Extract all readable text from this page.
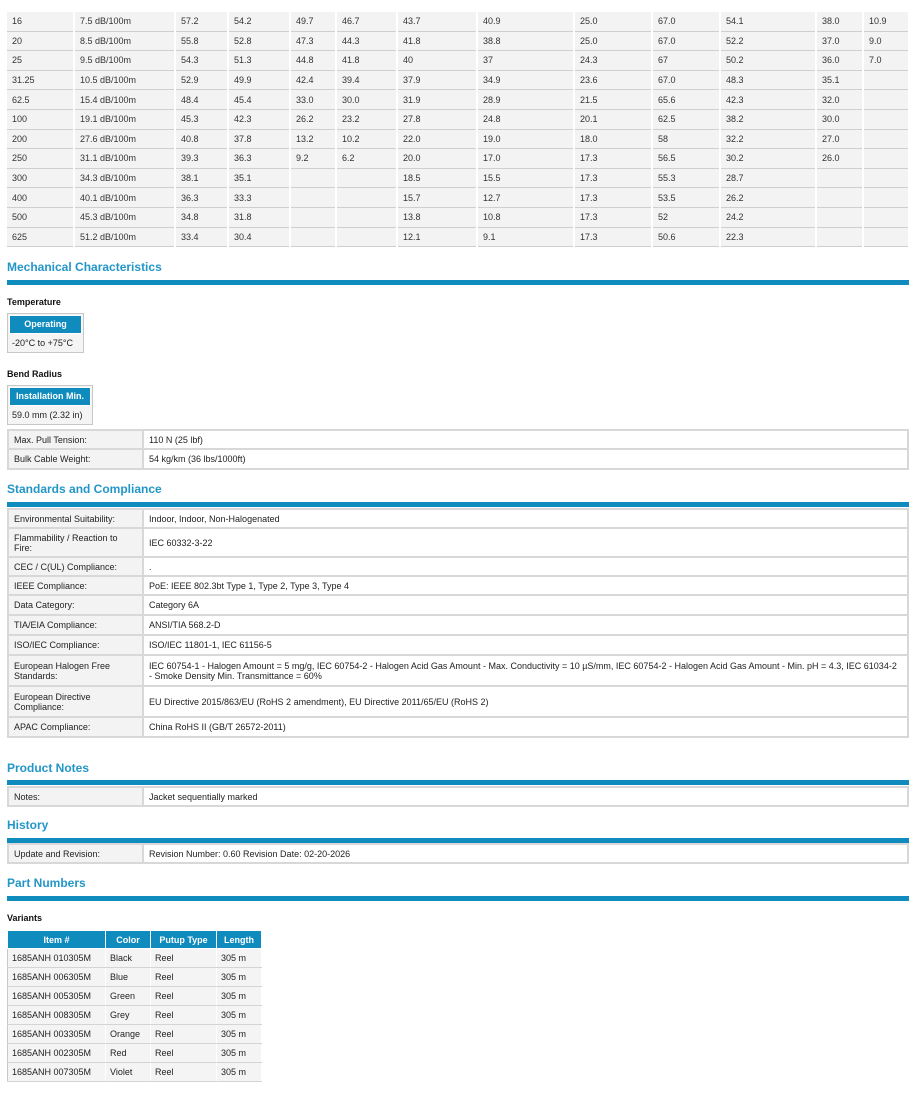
16	7.5 dB/100m	57.2	54.2	49.7	46.7	43.7	40.9	25.0	67.0	54.1	38.0	10.9
20	8.5 dB/100m	55.8	52.8	47.3	44.3	41.8	38.8	25.0	67.0	52.2	37.0	9.0
25	9.5 dB/100m	54.3	51.3	44.8	41.8	40	37	24.3	67	50.2	36.0	7.0
31.25	10.5 dB/100m	52.9	49.9	42.4	39.4	37.9	34.9	23.6	67.0	48.3	35.1	
62.5	15.4 dB/100m	48.4	45.4	33.0	30.0	31.9	28.9	21.5	65.6	42.3	32.0	
100	19.1 dB/100m	45.3	42.3	26.2	23.2	27.8	24.8	20.1	62.5	38.2	30.0	
200	27.6 dB/100m	40.8	37.8	13.2	10.2	22.0	19.0	18.0	58	32.2	27.0	
250	31.1 dB/100m	39.3	36.3	9.2	6.2	20.0	17.0	17.3	56.5	30.2	26.0	
300	34.3 dB/100m	38.1	35.1			18.5	15.5	17.3	55.3	28.7		
400	40.1 dB/100m	36.3	33.3			15.7	12.7	17.3	53.5	26.2		
500	45.3 dB/100m	34.8	31.8			13.8	10.8	17.3	52	24.2		
625	51.2 dB/100m	33.4	30.4			12.1	9.1	17.3	50.6	22.3		
Mechanical Characteristics
Temperature
Operating
-20°C to +75°C
Bend Radius
Installation Min.
59.0 mm (2.32 in)
Max. Pull Tension:	110 N (25 lbf)
Bulk Cable Weight:	54 kg/km (36 lbs/1000ft)
Standards and Compliance
Environmental Suitability:	Indoor, Indoor, Non-Halogenated
Flammability / Reaction to Fire:	IEC 60332-3-22
CEC / C(UL) Compliance:	.
IEEE Compliance:	PoE: IEEE 802.3bt Type 1, Type 2, Type 3, Type 4
Data Category:	Category 6A
TIA/EIA Compliance:	ANSI/TIA 568.2-D
ISO/IEC Compliance:	ISO/IEC 11801-1, IEC 61156-5
European Halogen Free Standards:	IEC 60754-1 - Halogen Amount = 5 mg/g, IEC 60754-2 - Halogen Acid Gas Amount - Max. Conductivity = 10 µS/mm, IEC 60754-2 - Halogen Acid Gas Amount - Min. pH = 4.3, IEC 61034-2 - Smoke Density Min. Transmittance = 60%
European Directive Compliance:	EU Directive 2015/863/EU (RoHS 2 amendment), EU Directive 2011/65/EU (RoHS 2)
APAC Compliance:	China RoHS II (GB/T 26572-2011)
Product Notes
Notes:	Jacket sequentially marked
History
Update and Revision:	Revision Number: 0.60 Revision Date: 02-20-2026
Part Numbers
Variants
Item #	Color	Putup Type	Length
1685ANH 010305M	Black	Reel	305 m
1685ANH 006305M	Blue	Reel	305 m
1685ANH 005305M	Green	Reel	305 m
1685ANH 008305M	Grey	Reel	305 m
1685ANH 003305M	Orange	Reel	305 m
1685ANH 002305M	Red	Reel	305 m
1685ANH 007305M	Violet	Reel	305 m
